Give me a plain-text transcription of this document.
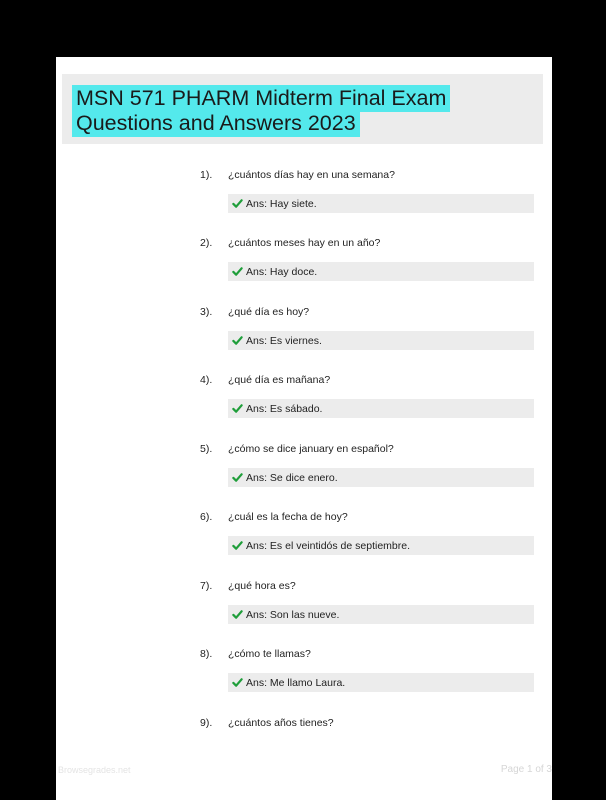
MSN 571 PHARM Midterm Final Exam Questions and Answers 2023
1). ¿cuántos días hay en una semana?
Ans: Hay siete.
2). ¿cuántos meses hay en un año?
Ans: Hay doce.
3). ¿qué día es hoy?
Ans: Es viernes.
4). ¿qué día es mañana?
Ans: Es sábado.
5). ¿cómo se dice january en español?
Ans: Se dice enero.
6). ¿cuál es la fecha de hoy?
Ans: Es el veintidós de septiembre.
7). ¿qué hora es?
Ans: Son las nueve.
8). ¿cómo te llamas?
Ans: Me llamo Laura.
9). ¿cuántos años tienes?
Browsegrades.net	Page 1 of 3
